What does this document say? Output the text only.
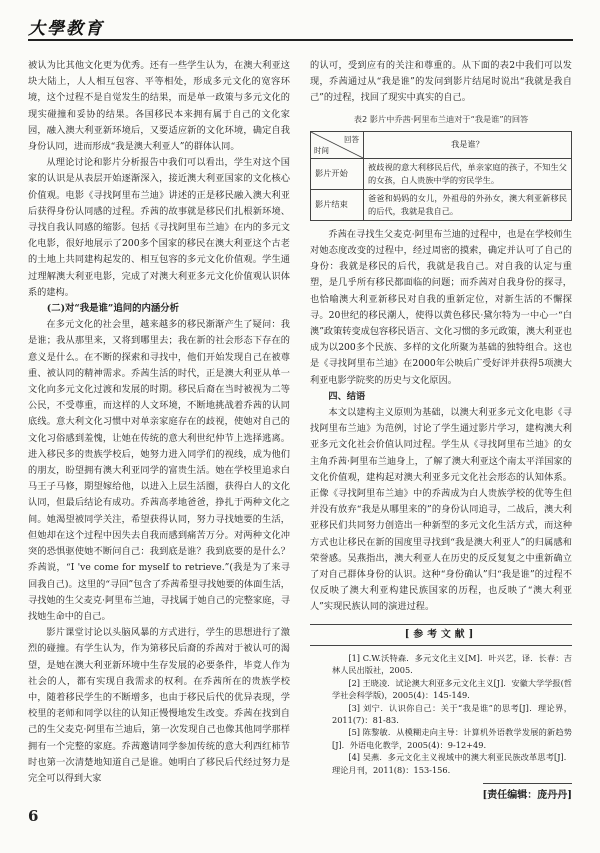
大學教育

被认为比其他文化更为优秀。还有一些学生认为，在澳大利亚这块大陆上，人人相互包容、平等相处，形成多元文化的宽容环境，这个过程不是自觉发生的结果，而是单一政策与多元文化的现实碰撞和妥协的结果。各国移民本来拥有属于自己的文化家园，融入澳大利亚新环境后，又要适应新的文化环境，确定自我身份认同，进而形成“我是澳大利亚人”的群体认同。

从理论讨论和影片分析报告中我们可以看出，学生对这个国家的认识是从表层开始逐渐深入，接近澳大利亚国家的文化核心价值观。电影《寻找阿里布兰迪》讲述的正是移民融入澳大利亚后获得身份认同感的过程。乔茜的故事就是移民们扎根新环境、寻找自我认同感的缩影。包括《寻找阿里布兰迪》在内的多元文化电影，很好地展示了200多个国家的移民在澳大利亚这个古老的土地上共同建构起发的、相互包容的多元文化价值观。学生通过理解澳大利亚电影，完成了对澳大利亚多元文化价值观认识体系的建构。

(二)对“我是谁”追问的内涵分析

在多元文化的社会里，越来越多的移民渐渐产生了疑问：我是谁；我从那里来，又将到哪里去；我在新的社会形态下存在的意义是什么。在不断的探索和寻找中，他们开始发现自己在被尊重、被认同的精神需求。乔茜生活的时代，正是澳大利亚从单一文化向多元文化过渡和发展的时期。移民后裔在当时被视为二等公民，不受尊重，而这样的人文环境，不断地挑战着乔茜的认同底线。意大利文化习惯中对单亲家庭存在的歧视，使她对自己的文化习俗感到羞愧，让她在传统的意大利世纪仲节上选择逃离。进入移民多的贵族学校后，她努力进入同学们的视线，成为他们的朋友，盼望拥有澳大利亚同学的富贵生活。她在学校里追求白马王子马修，期望嫁给他，以进入上层生活圈，获得白人的文化认同，但最后结论有成功。乔茜高孝地爸爸，挣扎于两种文化之间。她渴望被同学关注，希望获得认同，努力寻找她要的生活，但她却在这个过程中因失去自我而感到痛苦万分。对两种文化冲突的恐惧驱使她不断问自己：我到底是谁？我到底要的是什么？乔茜说，“I 've come for myself to retrieve.”(我是为了来寻回我自己)。这里的“寻回”包含了乔茜希望寻找她要的体面生活，寻找她的生父麦克·阿里布兰迪，寻找属于她自己的完整家庭，寻找她生命中的自己。

影片课堂讨论以头脑风暴的方式进行，学生的思想进行了激烈的碰撞。有学生认为，作为第移民后裔的乔茜对于被认可的渴望，是她在澳大利亚新环境中生存发展的必要条件，毕竟人作为社会的人，都有实现自我需求的权利。在乔茜所在的贵族学校中，随着移民学生的不断增多，也由于移民后代的优异表现，学校里的老师和同学以往的认知正慢慢地发生改变。乔茜在找到自己的生父麦克·阿里布兰迪后，第一次发现自己也像其他同学那样拥有一个完整的家庭。乔茜邀请同学参加传统的意大利西红柿节时也第一次清楚地知道自己是谁。她明白了移民后代经过努力是完全可以得到大家

的认可，受到应有的关注和尊重的。从下面的表2中我们可以发现，乔茜通过从“我是谁”的发问到影片结尾时说出“我就是我自己”的过程，找回了现实中真实的自己。

表2 影片中乔茜·阿里布兰迪对于“我是谁”的回答
回答
时间	我是谁？
影片开始	被歧视的意大利移民后代，单亲家庭的孩子，不知生父的女孩，白人贵族中学的穷民学生。
影片结束	爸爸和妈妈的女儿，外祖母的外孙女，澳大利亚新移民的后代，我就是我自己。

乔茜在寻找生父麦克·阿里布兰迪的过程中，也是在学校师生对她态度改变的过程中，经过周密的摸索，确定并认可了自己的身份：我就是移民的后代，我就是我自己。对自我的认定与重塑，是几乎所有移民都面临的问题；而乔茜对自我身份的探寻，也恰喻澳大利亚新移民对自我的重新定位，对新生活的不懈探寻。20世纪的移民潮人，使得以黄色移民·黛尔特为一中心一“白澳”政策转变成包容移民语言、文化习惯的多元政策，澳大利亚也成为以200多个民族、多样的文化所聚为基础的独特组合。这也是《寻找阿里布兰迪》在2000年公映后广受好评并获得5项澳大利亚电影学院奖的历史与文化原因。

四、结语

本文以建构主义原则为基础，以澳大利亚多元文化电影《寻找阿里布兰迪》为范例，讨论了学生通过影片学习，建构澳大利亚多元文化社会价值认同过程。学生从《寻找阿里布兰迪》的女主角乔茜·阿里布兰迪身上，了解了澳大利亚这个南太平洋国家的文化价值观，建构起对澳大利亚多元文化社会形态的认知体系。正像《寻找阿里布兰迪》中的乔茜成为白人贵族学校的优等生但并没有放弃“我是从哪里来的”的身份认同追寻，二战后，澳大利亚移民们共同努力创造出一种新型的多元文化生活方式，而这种方式也让移民在新的国度里寻找到“我是澳大利亚人”的归属感和荣誉感。吴燕指出，澳大利亚人在历史的反反复复之中重新确立了对自己群体身份的认识。这种“身份确认”归“我是谁”的过程不仅反映了澳大利亚构建民族国家的历程，也反映了“澳大利亚人”实现民族认同的演进过程。

[参考文献]

[1] C.W.沃特森．多元文化主义[M]．叶兴艺，译．长春：吉林人民出版社，2005.

[2] 王晓凌．试论澳大利亚多元文化主义[J]．安徽大学学报(哲学社会科学版)，2005(4)：145-149.

[3] 刘宁．认识你自己：关于“我是谁”的思考[J]．理论界，2011(7)：81-83.

[5] 陈黎敏．从模糊走向主导：计算机外语教学发展的新趋势[J]．外语电化教学，2005(4)：9-12+49.

[4] 吴燕．多元文化主义视域中的澳大利亚民族改革思考[J]．理论月刊，2011(8)：153-156.

[责任编辑：庞丹丹]
6
